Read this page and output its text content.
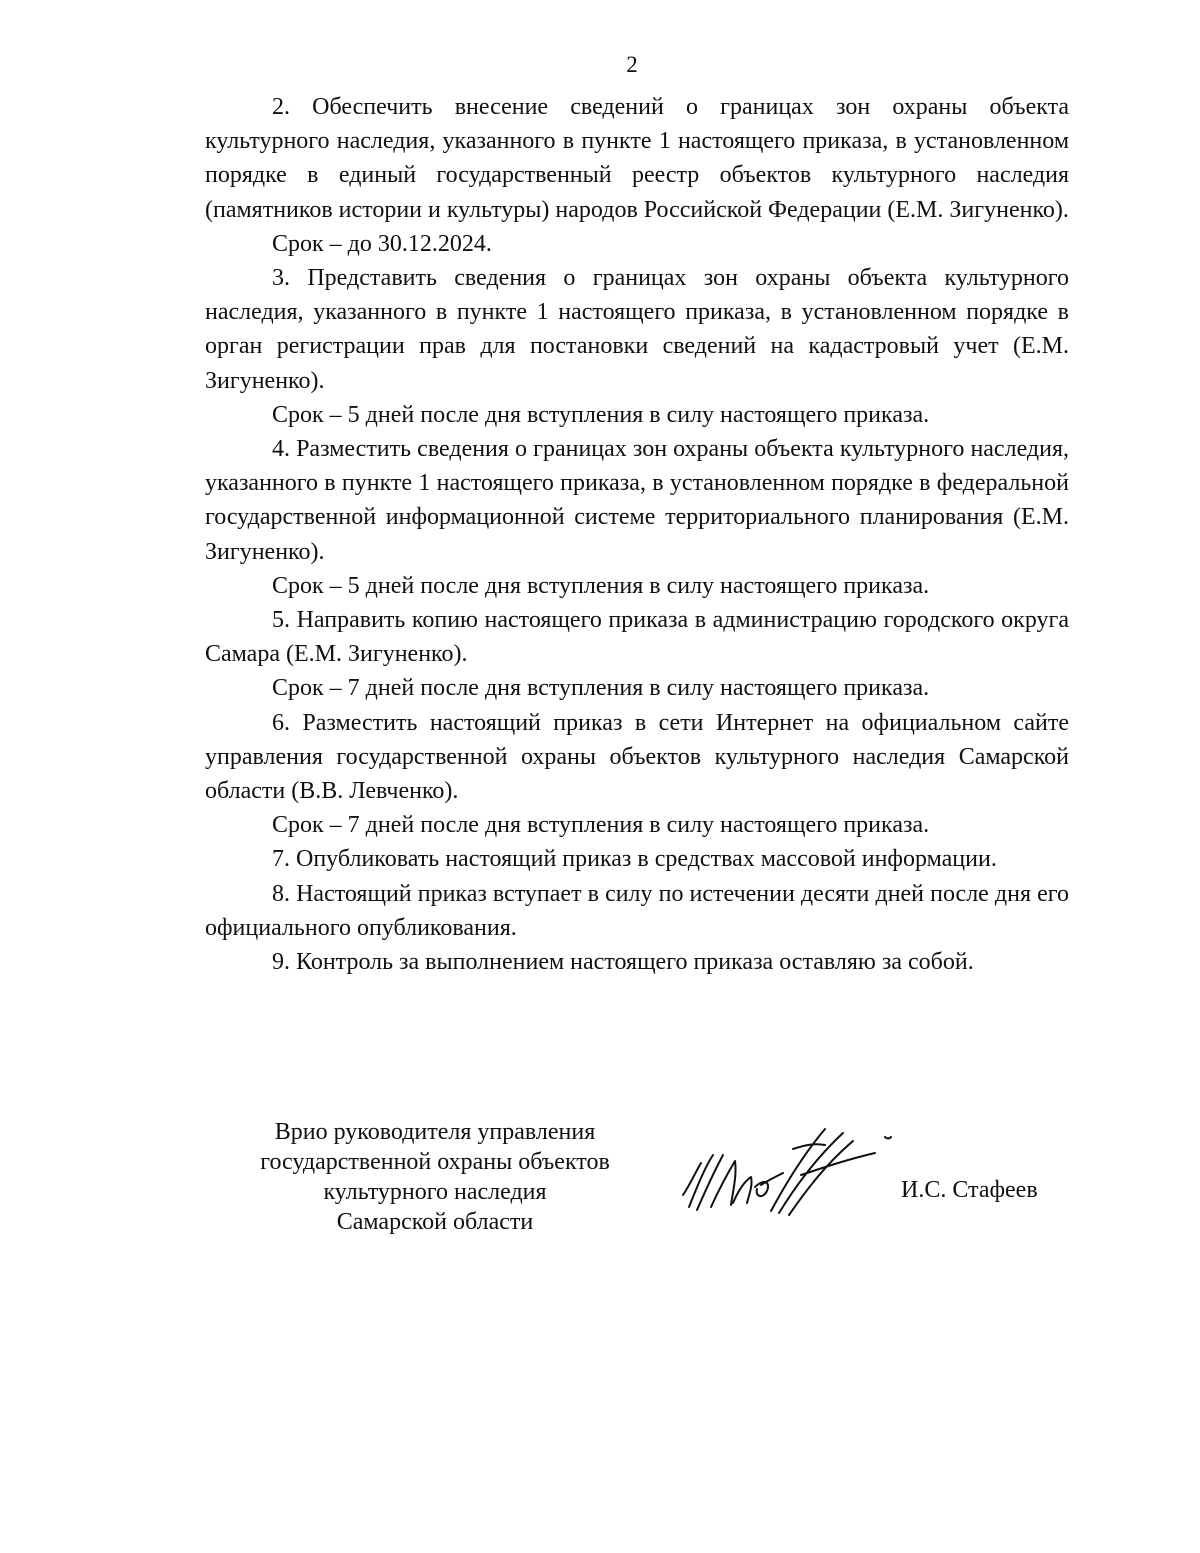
2

2. Обеспечить внесение сведений о границах зон охраны объекта культурного наследия, указанного в пункте 1 настоящего приказа, в установленном порядке в единый государственный реестр объектов культурного наследия (памятников истории и культуры) народов Российской Федерации (Е.М. Зигуненко).

Срок – до 30.12.2024.

3. Представить сведения о границах зон охраны объекта культурного наследия, указанного в пункте 1 настоящего приказа, в установленном порядке в орган регистрации прав для постановки сведений на кадастровый учет (Е.М. Зигуненко).

Срок – 5 дней после дня вступления в силу настоящего приказа.

4. Разместить сведения о границах зон охраны объекта культурного наследия, указанного в пункте 1 настоящего приказа, в установленном порядке в федеральной государственной информационной системе территориального планирования (Е.М. Зигуненко).

Срок – 5 дней после дня вступления в силу настоящего приказа.

5. Направить копию настоящего приказа в администрацию городского округа Самара (Е.М. Зигуненко).

Срок – 7 дней после дня вступления в силу настоящего приказа.

6. Разместить настоящий приказ в сети Интернет на официальном сайте управления государственной охраны объектов культурного наследия Самарской области (В.В. Левченко).

Срок – 7 дней после дня вступления в силу настоящего приказа.

7. Опубликовать настоящий приказ в средствах массовой информации.

8. Настоящий приказ вступает в силу по истечении десяти дней после дня его официального опубликования.

9. Контроль за выполнением настоящего приказа оставляю за собой.

Врио руководителя управления
государственной охраны объектов
культурного наследия
Самарской области
И.С. Стафеев
